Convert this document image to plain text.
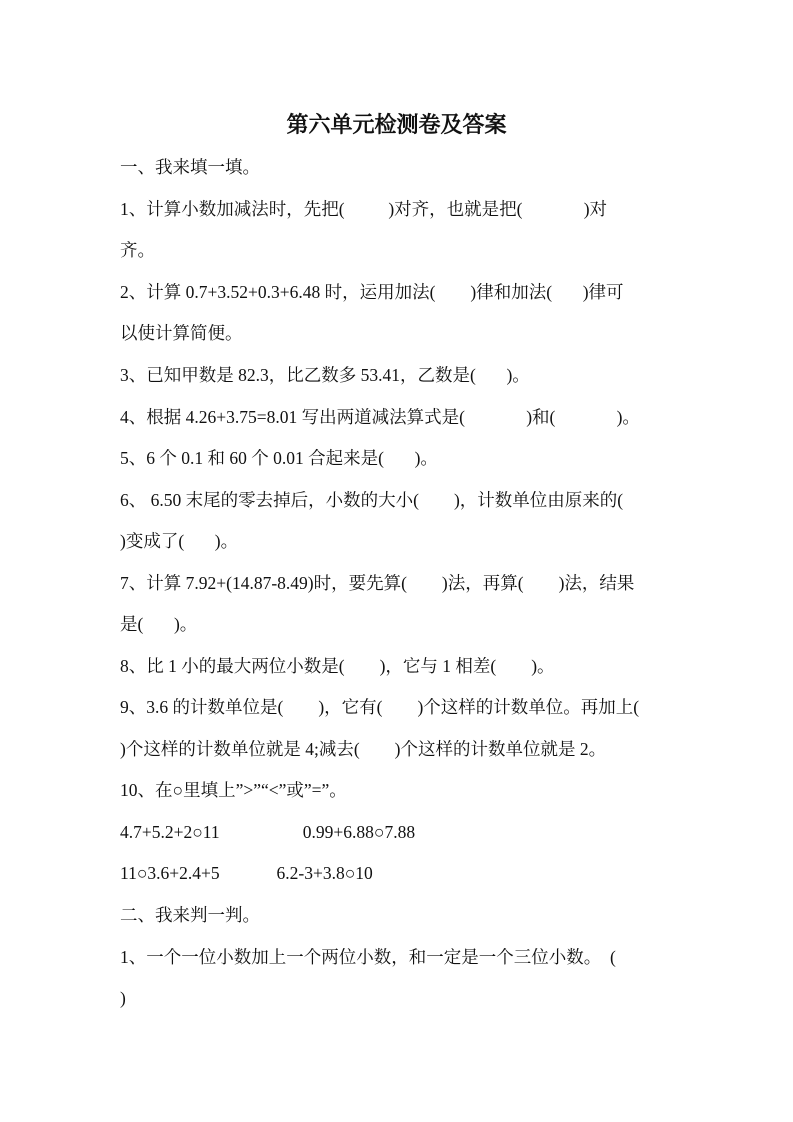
第六单元检测卷及答案
一、我来填一填。
1、计算小数加减法时，先把(          )对齐，也就是把(              )对
齐。
2、计算 0.7+3.52+0.3+6.48 时，运用加法(        )律和加法(       )律可
以使计算简便。
3、已知甲数是 82.3，比乙数多 53.41，乙数是(       )。
4、根据 4.26+3.75=8.01 写出两道减法算式是(              )和(              )。
5、6 个 0.1 和 60 个 0.01 合起来是(       )。
6、 6.50 末尾的零去掉后，小数的大小(        )，计数单位由原来的(
)变成了(       )。
7、计算 7.92+(14.87-8.49)时，要先算(        )法，再算(        )法，结果
是(       )。
8、比 1 小的最大两位小数是(        )，它与 1 相差(        )。
9、3.6 的计数单位是(        )，它有(        )个这样的计数单位。再加上(
)个这样的计数单位就是 4;减去(        )个这样的计数单位就是 2。
10、在○里填上”>”“<”或”=”。
4.7+5.2+2○11                   0.99+6.88○7.88
11○3.6+2.4+5             6.2-3+3.8○10
二、我来判一判。
1、一个一位小数加上一个两位小数，和一定是一个三位小数。  (
)
